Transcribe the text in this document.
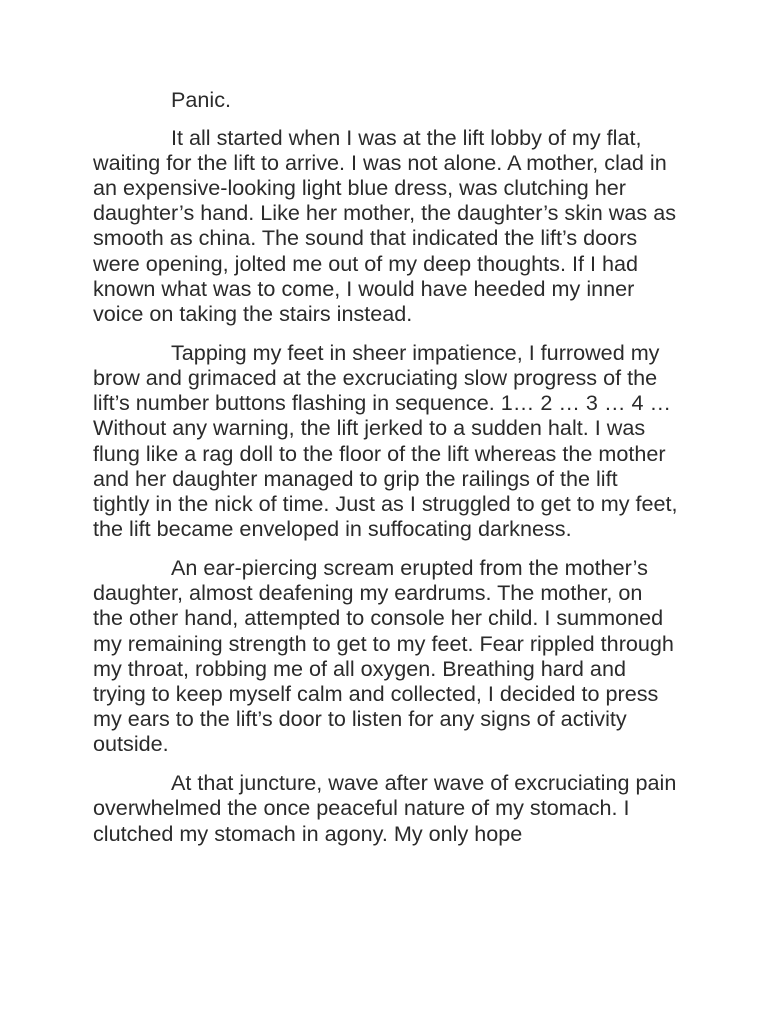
Panic.

It all started when I was at the lift lobby of my flat, waiting for the lift to arrive. I was not alone. A mother, clad in an expensive-looking light blue dress, was clutching her daughter’s hand. Like her mother, the daughter’s skin was as smooth as china. The sound that indicated the lift’s doors were opening, jolted me out of my deep thoughts. If I had known what was to come, I would have heeded my inner voice on taking the stairs instead.

Tapping my feet in sheer impatience, I furrowed my brow and grimaced at the excruciating slow progress of the lift’s number buttons flashing in sequence. 1… 2 … 3 … 4 … Without any warning, the lift jerked to a sudden halt. I was flung like a rag doll to the floor of the lift whereas the mother and her daughter managed to grip the railings of the lift tightly in the nick of time. Just as I struggled to get to my feet, the lift became enveloped in suffocating darkness.

An ear-piercing scream erupted from the mother’s daughter, almost deafening my eardrums. The mother, on the other hand, attempted to console her child. I summoned my remaining strength to get to my feet. Fear rippled through my throat, robbing me of all oxygen. Breathing hard and trying to keep myself calm and collected, I decided to press my ears to the lift’s door to listen for any signs of activity outside.

At that juncture, wave after wave of excruciating pain overwhelmed the once peaceful nature of my stomach. I clutched my stomach in agony. My only hope
